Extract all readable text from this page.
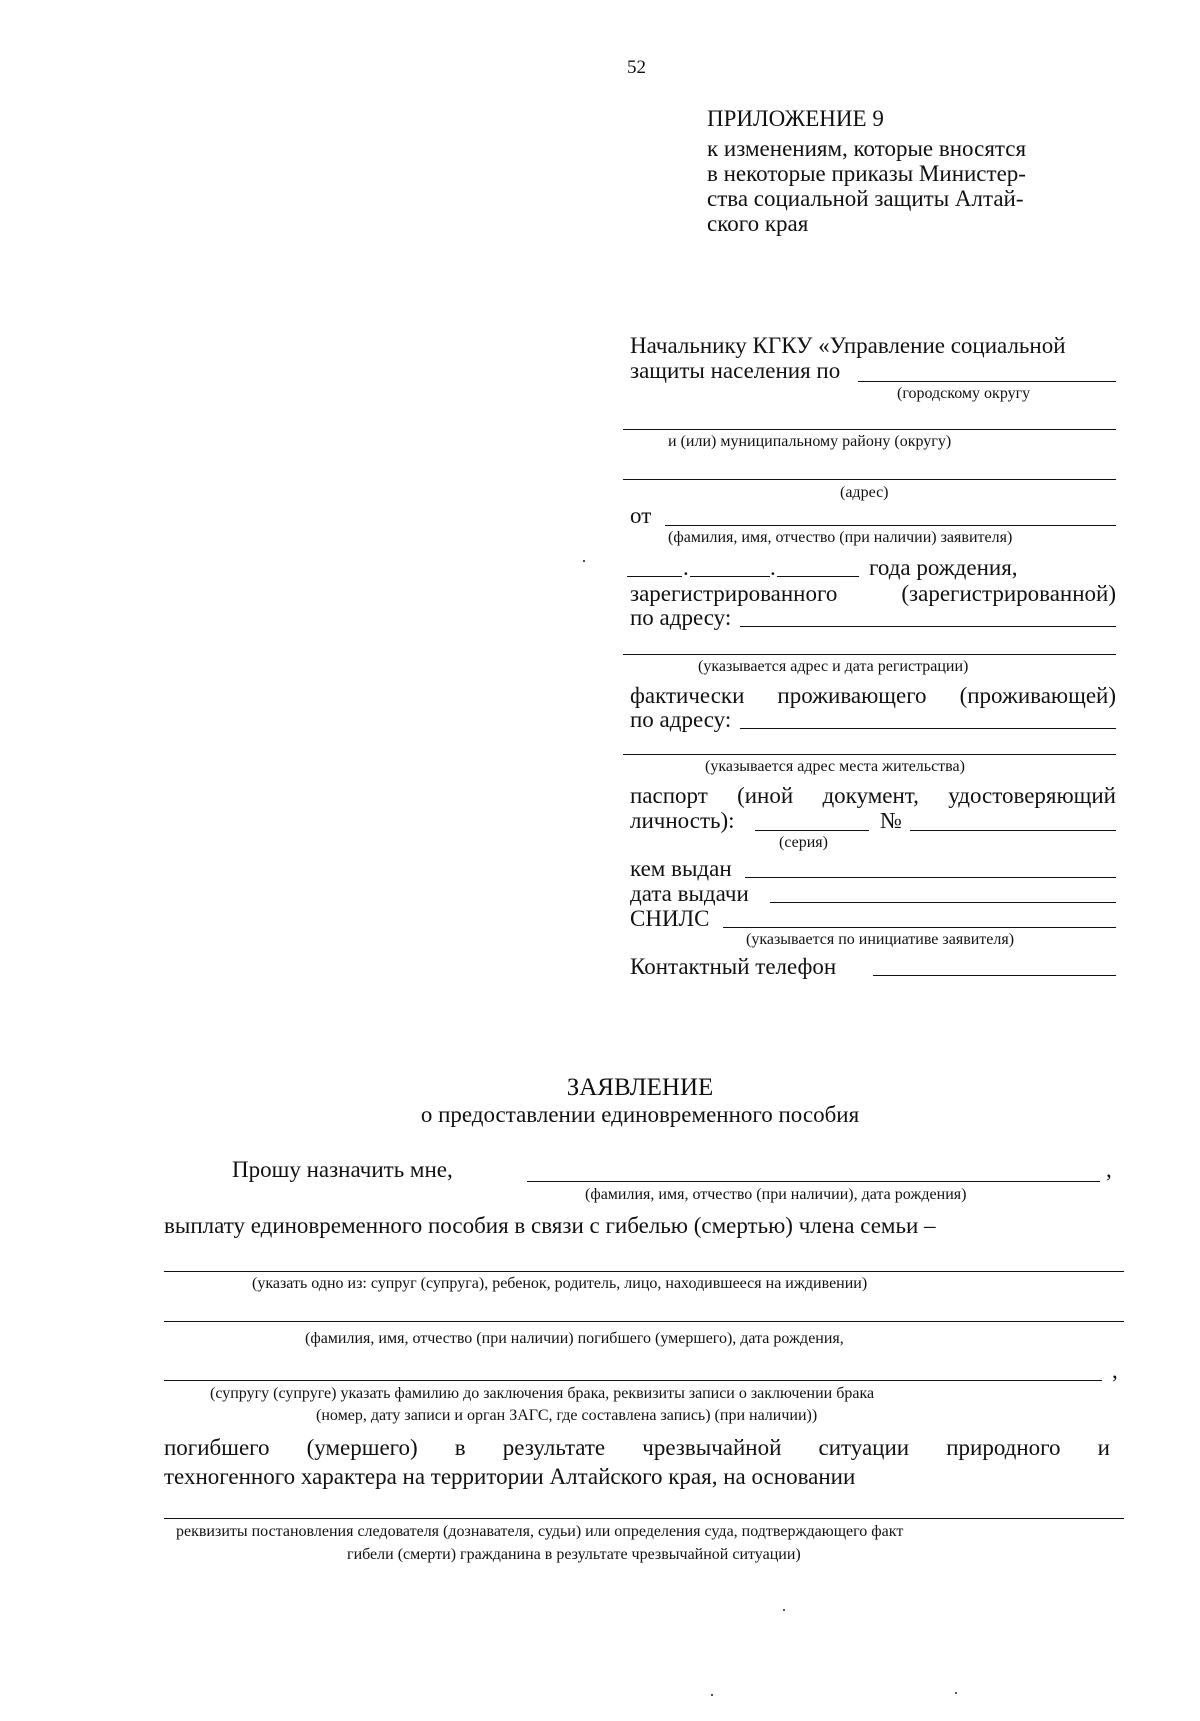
52
ПРИЛОЖЕНИЕ 9
к изменениям, которые вносятся
в некоторые приказы Министер-
ства социальной защиты Алтай-
ского края
Начальнику КГКУ «Управление социальной
защиты населения по
(городскому округу
и (или) муниципальному району (округу)
(адрес)
от
(фамилия, имя, отчество (при наличии) заявителя)
.	.	года рождения,
зарегистрированного	(зарегистрированной)
по адресу:
(указывается адрес и дата регистрации)
фактически проживающего (проживающей)
по адресу:
(указывается адрес места жительства)
паспорт (иной документ, удостоверяющий
личность):	№
(серия)
кем выдан
дата выдачи
СНИЛС
(указывается по инициативе заявителя)
Контактный телефон
ЗАЯВЛЕНИЕ
о предоставлении единовременного пособия
Прошу назначить мне,	,
(фамилия, имя, отчество (при наличии), дата рождения)
выплату единовременного пособия в связи с гибелью (смертью) члена семьи –
(указать одно из: супруг (супруга), ребенок, родитель, лицо, находившееся на иждивении)
(фамилия, имя, отчество (при наличии) погибшего (умершего), дата рождения,
,
(супругу (супруге) указать фамилию до заключения брака, реквизиты записи о заключении брака
(номер, дату записи и орган ЗАГС, где составлена запись) (при наличии))
погибшего (умершего) в результате чрезвычайной ситуации природного и
техногенного характера на территории Алтайского края, на основании
реквизиты постановления следователя (дознавателя, судьи) или определения суда, подтверждающего факт
гибели (смерти) гражданина в результате чрезвычайной ситуации)
